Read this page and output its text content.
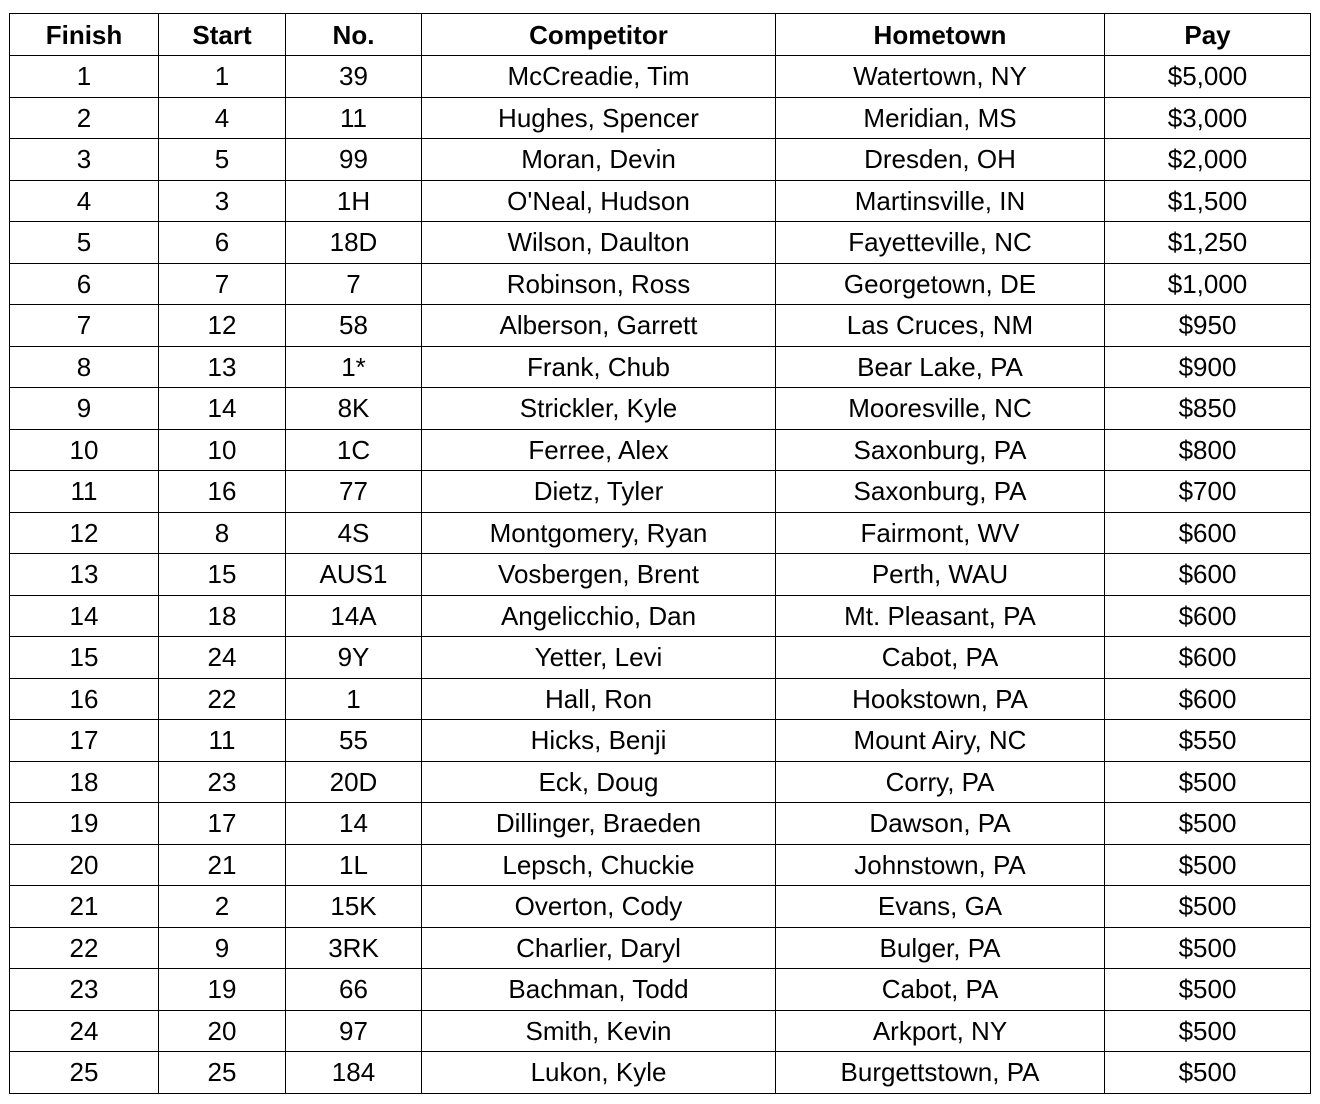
Finish	Start	No.	Competitor	Hometown	Pay
1	1	39	McCreadie, Tim	Watertown, NY	$5,000
2	4	11	Hughes, Spencer	Meridian, MS	$3,000
3	5	99	Moran, Devin	Dresden, OH	$2,000
4	3	1H	O'Neal, Hudson	Martinsville, IN	$1,500
5	6	18D	Wilson, Daulton	Fayetteville, NC	$1,250
6	7	7	Robinson, Ross	Georgetown, DE	$1,000
7	12	58	Alberson, Garrett	Las Cruces, NM	$950
8	13	1*	Frank, Chub	Bear Lake, PA	$900
9	14	8K	Strickler, Kyle	Mooresville, NC	$850
10	10	1C	Ferree, Alex	Saxonburg, PA	$800
11	16	77	Dietz, Tyler	Saxonburg, PA	$700
12	8	4S	Montgomery, Ryan	Fairmont, WV	$600
13	15	AUS1	Vosbergen, Brent	Perth, WAU	$600
14	18	14A	Angelicchio, Dan	Mt. Pleasant, PA	$600
15	24	9Y	Yetter, Levi	Cabot, PA	$600
16	22	1	Hall, Ron	Hookstown, PA	$600
17	11	55	Hicks, Benji	Mount Airy, NC	$550
18	23	20D	Eck, Doug	Corry, PA	$500
19	17	14	Dillinger, Braeden	Dawson, PA	$500
20	21	1L	Lepsch, Chuckie	Johnstown, PA	$500
21	2	15K	Overton, Cody	Evans, GA	$500
22	9	3RK	Charlier, Daryl	Bulger, PA	$500
23	19	66	Bachman, Todd	Cabot, PA	$500
24	20	97	Smith, Kevin	Arkport, NY	$500
25	25	184	Lukon, Kyle	Burgettstown, PA	$500
